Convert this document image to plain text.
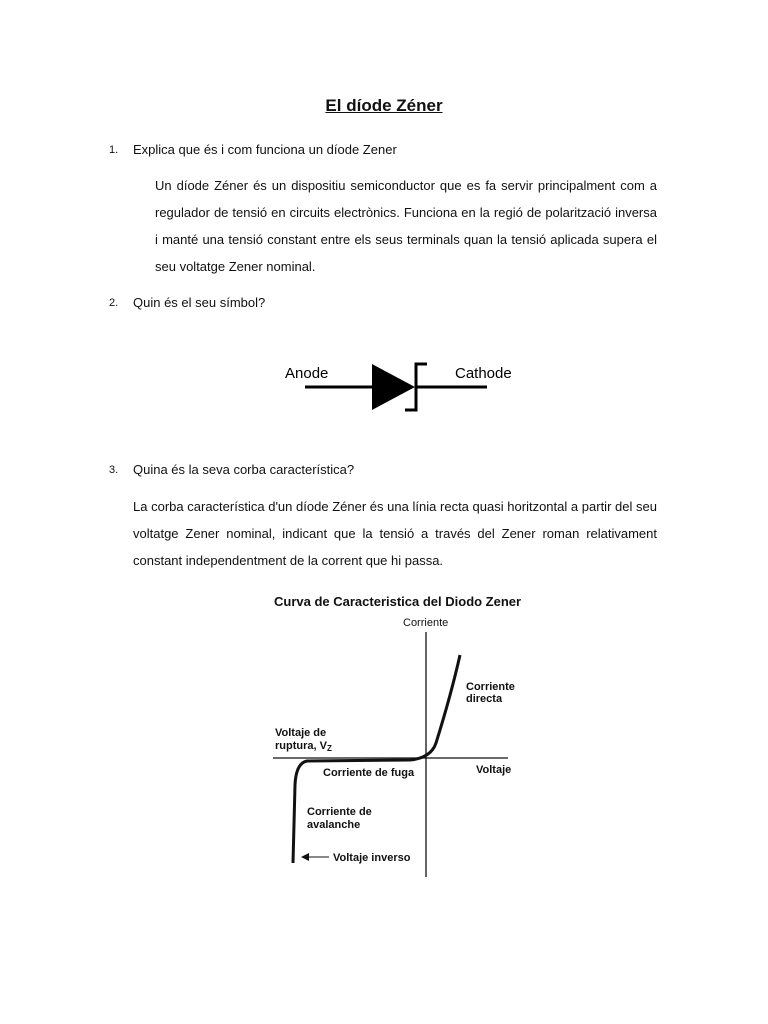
El díode Zéner
1. Explica que és i com funciona un díode Zener

Un díode Zéner és un dispositiu semiconductor que es fa servir principalment com a regulador de tensió en circuits electrònics. Funciona en la regió de polarització inversa i manté una tensió constant entre els seus terminals quan la tensió aplicada supera el seu voltatge Zener nominal.

2. Quin és el seu símbol?
Anode	Cathode
3. Quina és la seva corba característica?

La corba característica d'un díode Zéner és una línia recta quasi horitzontal a partir del seu voltatge Zener nominal, indicant que la tensió a través del Zener roman relativament constant independentment de la corrent que hi passa.

Curva de Caracteristica del Diodo Zener
Corriente
Corriente
directa
Voltaje de
ruptura, VZ
Voltaje
Corriente de fuga
Corriente de
avalanche
Voltaje inverso
